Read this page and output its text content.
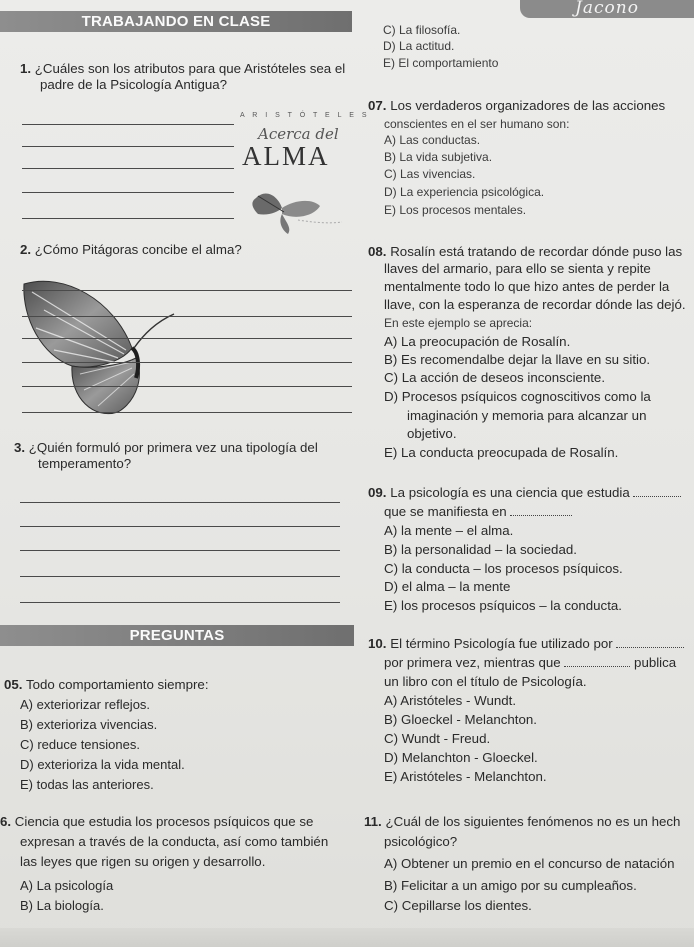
Jacono
TRABAJANDO EN CLASE
1. ¿Cuáles son los atributos para que Aristóteles sea el
padre de la Psicología Antigua?
A R I S T Ó T E L E S
Acerca del
ALMA
2. ¿Cómo Pitágoras concibe el alma?
3. ¿Quién formuló por primera vez una tipología del
temperamento?
PREGUNTAS
05. Todo comportamiento siempre:
A) exteriorizar reflejos.
B) exterioriza vivencias.
C) reduce tensiones.
D) exterioriza la vida mental.
E) todas las anteriores.
6. Ciencia que estudia los procesos psíquicos que se
expresan a través de la conducta, así como también
las leyes que rigen su origen y desarrollo.
A) La psicología
B) La biología.
C) La filosofía.
D) La actitud.
E) El comportamiento
07. Los verdaderos organizadores de las acciones
conscientes en el ser humano son:
A) Las conductas.
B) La vida subjetiva.
C) Las vivencias.
D) La experiencia psicológica.
E) Los procesos mentales.
08. Rosalín está tratando de recordar dónde puso las
llaves del armario, para ello se sienta y repite
mentalmente todo lo que hizo antes de perder la
llave, con la esperanza de recordar dónde las dejó.
En este ejemplo se aprecia:
A) La preocupación de Rosalín.
B) Es recomendalbe dejar la llave en su sitio.
C) La acción de deseos inconsciente.
D) Procesos psíquicos cognoscitivos como la
imaginación y memoria para alcanzar un
objetivo.
E) La conducta preocupada de Rosalín.
09. La psicología es una ciencia que estudia
que se manifiesta en
A) la mente – el alma.
B) la personalidad – la sociedad.
C) la conducta – los procesos psíquicos.
D) el alma – la mente
E) los procesos psíquicos – la conducta.
10. El término Psicología fue utilizado por
por primera vez, mientras que	publica
un libro con el título de Psicología.
A) Aristóteles - Wundt.
B) Gloeckel - Melanchton.
C) Wundt - Freud.
D) Melanchton - Gloeckel.
E) Aristóteles - Melanchton.
11. ¿Cuál de los siguientes fenómenos no es un hech
psicológico?
A) Obtener un premio en el concurso de natación
B) Felicitar a un amigo por su cumpleaños.
C) Cepillarse los dientes.
